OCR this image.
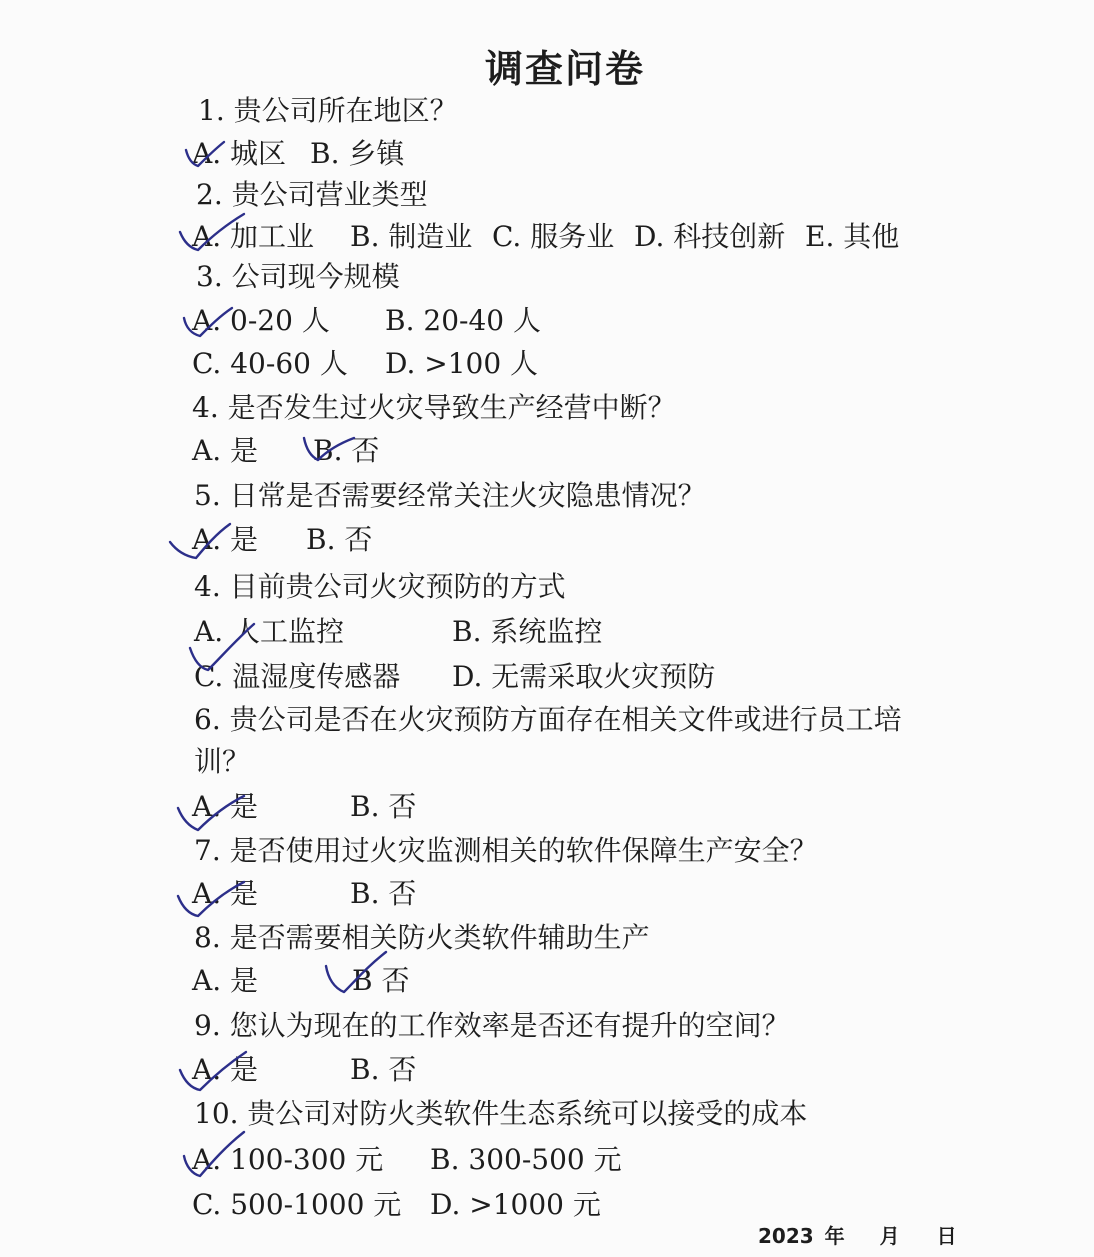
调查问卷
1. 贵公司所在地区？
A. 城区 B. 乡镇
2. 贵公司营业类型
A. 加工业 B. 制造业 C. 服务业 D. 科技创新 E. 其他
3. 公司现今规模
A. 0-20 人 B. 20-40 人
C. 40-60 人 D. >100 人
4. 是否发生过火灾导致生产经营中断？
A. 是 B. 否
5. 日常是否需要经常关注火灾隐患情况？
A. 是 B. 否
4. 目前贵公司火灾预防的方式
A. 人工监控	B. 系统监控
C. 温湿度传感器 D. 无需采取火灾预防
6. 贵公司是否在火灾预防方面存在相关文件或进行员工培
训？
A. 是	B. 否
7. 是否使用过火灾监测相关的软件保障生产安全？
A. 是	B. 否
8. 是否需要相关防火类软件辅助生产
A. 是	B 否
9. 您认为现在的工作效率是否还有提升的空间？
A. 是	B. 否
10. 贵公司对防火类软件生态系统可以接受的成本
A. 100-300 元 B. 300-500 元
C. 500-1000 元 D. >1000 元
2023 年 月 日
